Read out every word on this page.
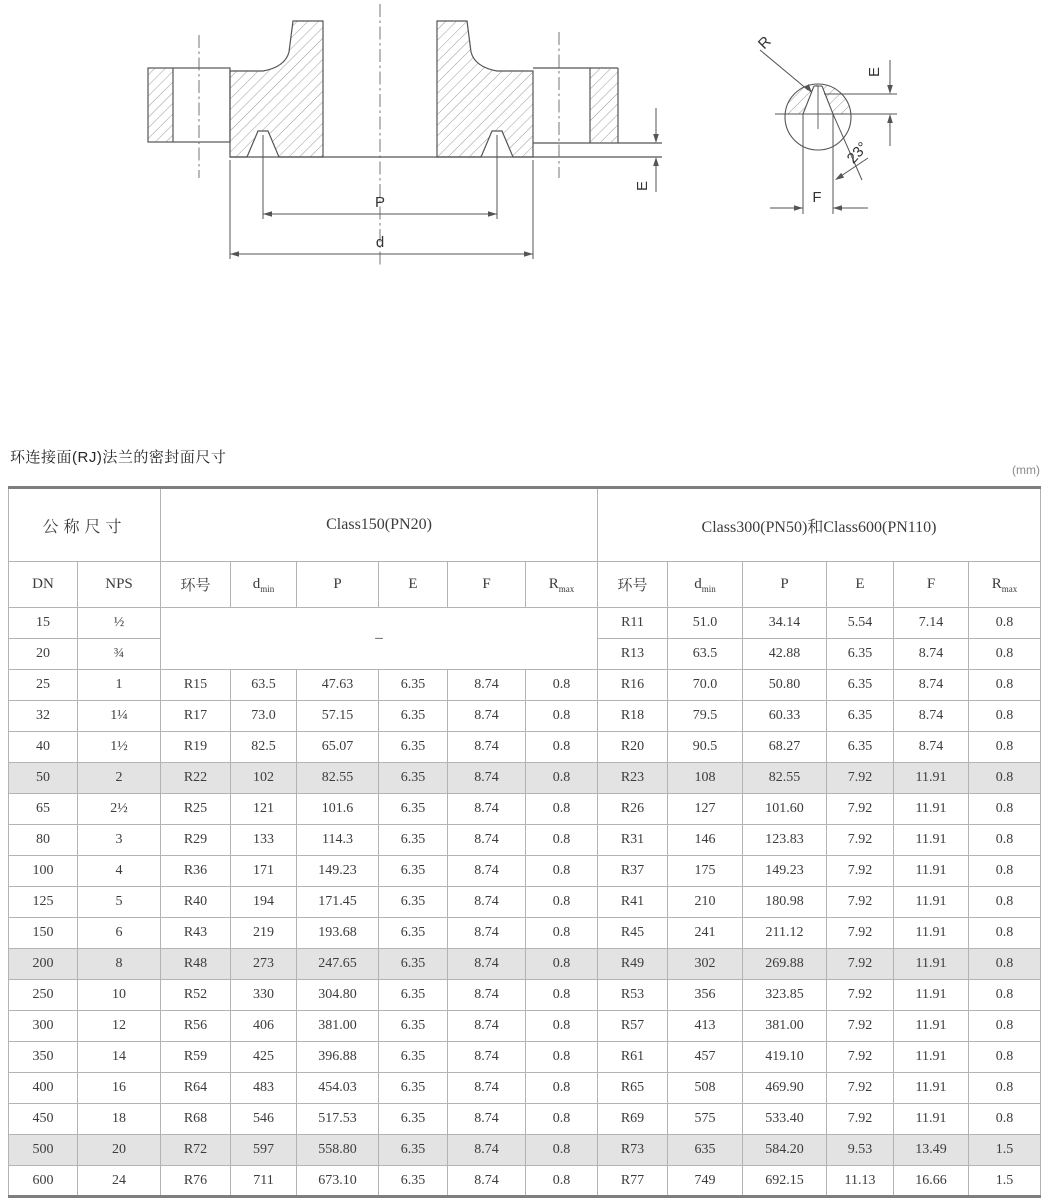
P
d
E
R
E
23°
F
环连接面(RJ)法兰的密封面尺寸
(mm)
公称尺寸		Class150(PN20)						Class300(PN50)和Class600(PN110)					
DN	NPS	环号	$d_{min}$	P	E	F	$R_{max}$	环号	$d_{min}$	P	E	F	$R_{max}$
15	½	–						R11	51.0	34.14	5.54	7.14	0.8
20	¾							R13	63.5	42.88	6.35	8.74	0.8
25	1	R15	63.5	47.63	6.35	8.74	0.8	R16	70.0	50.80	6.35	8.74	0.8
32	1¼	R17	73.0	57.15	6.35	8.74	0.8	R18	79.5	60.33	6.35	8.74	0.8
40	1½	R19	82.5	65.07	6.35	8.74	0.8	R20	90.5	68.27	6.35	8.74	0.8
50	2	R22	102	82.55	6.35	8.74	0.8	R23	108	82.55	7.92	11.91	0.8
65	2½	R25	121	101.6	6.35	8.74	0.8	R26	127	101.60	7.92	11.91	0.8
80	3	R29	133	114.3	6.35	8.74	0.8	R31	146	123.83	7.92	11.91	0.8
100	4	R36	171	149.23	6.35	8.74	0.8	R37	175	149.23	7.92	11.91	0.8
125	5	R40	194	171.45	6.35	8.74	0.8	R41	210	180.98	7.92	11.91	0.8
150	6	R43	219	193.68	6.35	8.74	0.8	R45	241	211.12	7.92	11.91	0.8
200	8	R48	273	247.65	6.35	8.74	0.8	R49	302	269.88	7.92	11.91	0.8
250	10	R52	330	304.80	6.35	8.74	0.8	R53	356	323.85	7.92	11.91	0.8
300	12	R56	406	381.00	6.35	8.74	0.8	R57	413	381.00	7.92	11.91	0.8
350	14	R59	425	396.88	6.35	8.74	0.8	R61	457	419.10	7.92	11.91	0.8
400	16	R64	483	454.03	6.35	8.74	0.8	R65	508	469.90	7.92	11.91	0.8
450	18	R68	546	517.53	6.35	8.74	0.8	R69	575	533.40	7.92	11.91	0.8
500	20	R72	597	558.80	6.35	8.74	0.8	R73	635	584.20	9.53	13.49	1.5
600	24	R76	711	673.10	6.35	8.74	0.8	R77	749	692.15	11.13	16.66	1.5
